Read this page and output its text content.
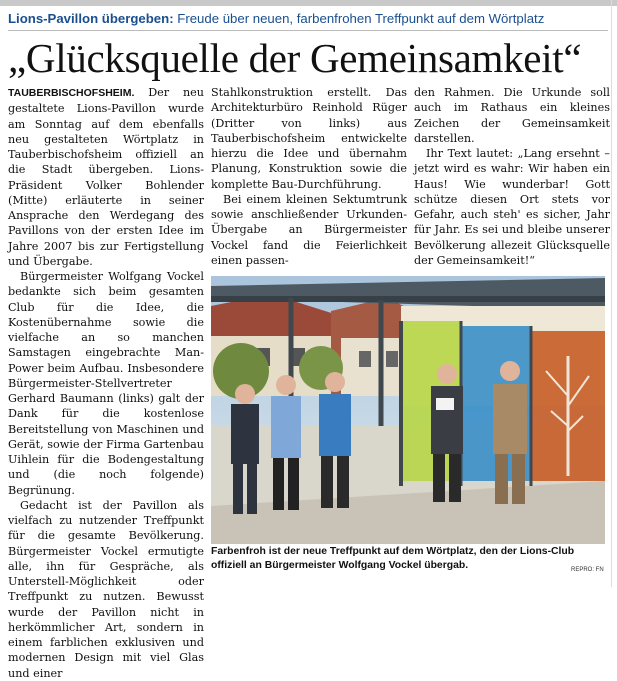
Lions-Pavillon übergeben: Freude über neuen, farbenfrohen Treffpunkt auf dem Wörtplatz
„Glücksquelle der Gemeinsamkeit“

TAUBERBISCHOFSHEIM. Der neu gestaltete Lions-Pavillon wurde am Sonntag auf dem ebenfalls neu gestalteten Wörtplatz in Tauberbischofsheim offiziell an die Stadt übergeben. Lions-Präsident Volker Bohlender (Mitte) erläuterte in seiner Ansprache den Werdegang des Pavillons von der ersten Idee im Jahre 2007 bis zur Fertigstellung und Übergabe.

Bürgermeister Wolfgang Vockel bedankte sich beim gesamten Club für die Idee, die Kostenübernahme sowie die vielfache an so manchen Samstagen eingebrachte Man-Power beim Aufbau. Insbesondere Bürgermeister-Stellvertreter Gerhard Baumann (links) galt der Dank für die kostenlose Bereitstellung von Maschinen und Gerät, sowie der Firma Gartenbau Uihlein für die Bodengestaltung und (die noch folgende) Begrünung.

Gedacht ist der Pavillon als vielfach zu nutzender Treffpunkt für die gesamte Bevölkerung. Bürgermeister Vockel ermutigte alle, ihn für Gespräche, als Unterstell-Möglichkeit oder Treffpunkt zu nutzen. Bewusst wurde der Pavillon nicht in herkömmlicher Art, sondern in einem farblichen exklusiven und modernen Design mit viel Glas und einer

Stahlkonstruktion erstellt. Das Architekturbüro Reinhold Rüger (Dritter von links) aus Tauberbischofsheim entwickelte hierzu die Idee und übernahm Planung, Konstruktion sowie die komplette Bau-Durchführung.

Bei einem kleinen Sektumtrunk sowie anschließender Urkunden-Übergabe an Bürgermeister Vockel fand die Feierlichkeit einen passen-

den Rahmen. Die Urkunde soll auch im Rathaus ein kleines Zeichen der Gemeinsamkeit darstellen.

Ihr Text lautet: „Lang ersehnt – jetzt wird es wahr: Wir haben ein Haus! Wie wunderbar! Gott schütze diesen Ort stets vor Gefahr, auch steh' es sicher, Jahr für Jahr. Es sei und bleibe unserer Bevölkerung allezeit Glücksquelle der Gemeinsamkeit!“

Farbenfroh ist der neue Treffpunkt auf dem Wörtplatz, den der Lions-Club offiziell an Bürgermeister Wolfgang Vockel übergab.	REPRO: FN
